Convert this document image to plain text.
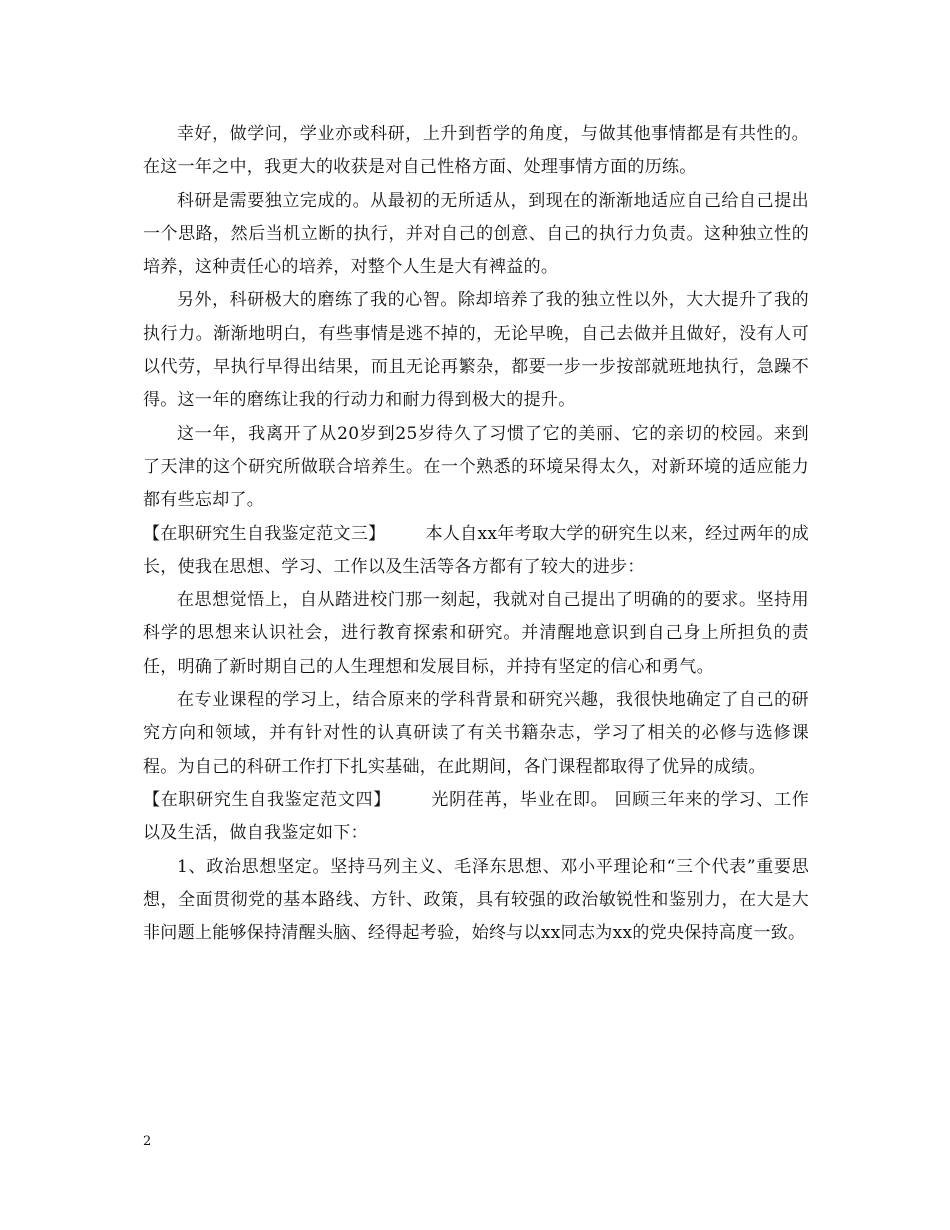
幸好，做学问，学业亦或科研，上升到哲学的角度，与做其他事情都是有共性的。在这一年之中，我更大的收获是对自己性格方面、处理事情方面的历练。

科研是需要独立完成的。从最初的无所适从，到现在的渐渐地适应自己给自己提出一个思路，然后当机立断的执行，并对自己的创意、自己的执行力负责。这种独立性的培养，这种责任心的培养，对整个人生是大有裨益的。

另外，科研极大的磨练了我的心智。除却培养了我的独立性以外，大大提升了我的执行力。渐渐地明白，有些事情是逃不掉的，无论早晚，自己去做并且做好，没有人可以代劳，早执行早得出结果，而且无论再繁杂，都要一步一步按部就班地执行，急躁不得。这一年的磨练让我的行动力和耐力得到极大的提升。

这一年，我离开了从20岁到25岁待久了习惯了它的美丽、它的亲切的校园。来到了天津的这个研究所做联合培养生。在一个熟悉的环境呆得太久，对新环境的适应能力都有些忘却了。

【在职研究生自我鉴定范文三】 本人自xx年考取大学的研究生以来，经过两年的成长，使我在思想、学习、工作以及生活等各方都有了较大的进步：

在思想觉悟上，自从踏进校门那一刻起，我就对自己提出了明确的的要求。坚持用科学的思想来认识社会，进行教育探索和研究。并清醒地意识到自己身上所担负的责任，明确了新时期自己的人生理想和发展目标，并持有坚定的信心和勇气。

在专业课程的学习上，结合原来的学科背景和研究兴趣，我很快地确定了自己的研究方向和领域，并有针对性的认真研读了有关书籍杂志，学习了相关的必修与选修课程。为自己的科研工作打下扎实基础，在此期间，各门课程都取得了优异的成绩。

【在职研究生自我鉴定范文四】 光阴荏苒，毕业在即。 回顾三年来的学习、工作以及生活，做自我鉴定如下：

1、政治思想坚定。坚持马列主义、毛泽东思想、邓小平理论和“三个代表”重要思想，全面贯彻党的基本路线、方针、政策，具有较强的政治敏锐性和鉴别力，在大是大非问题上能够保持清醒头脑、经得起考验，始终与以xx同志为xx的党央保持高度一致。

2
